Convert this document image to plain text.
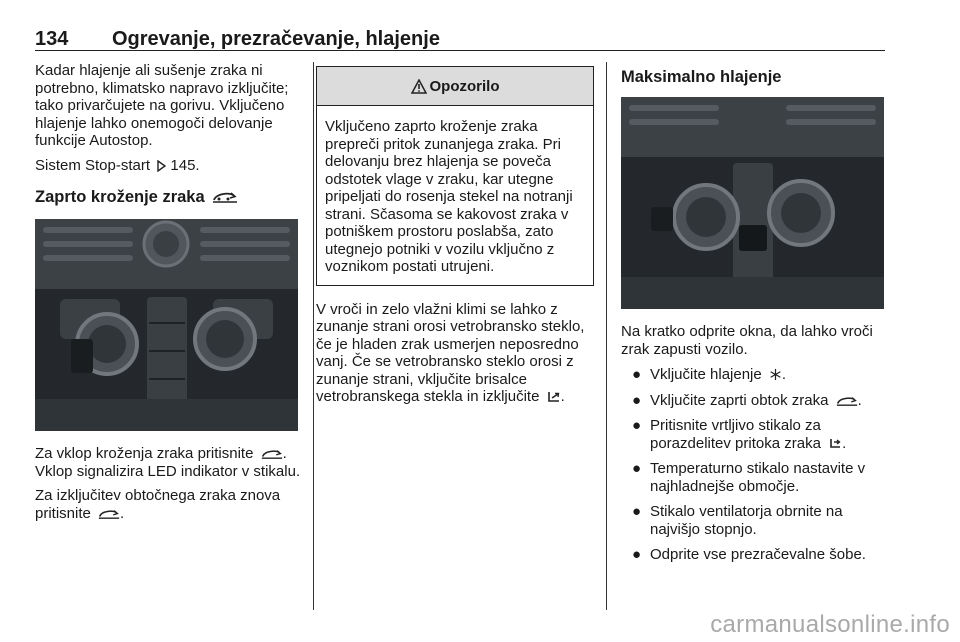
134 Ogrevanje, prezračevanje, hlajenje

Kadar hlajenje ali sušenje zraka ni potrebno, klimatsko napravo izključite; tako privarčujete na gorivu. Vključeno hlajenje lahko onemogoči delovanje funkcije Autostop.

Sistem Stop-start 145.

Zaprto kroženje zraka

Za vklop kroženja zraka pritisnite . Vklop signalizira LED indikator v stikalu.

Za izključitev obtočnega zraka znova pritisnite .

Opozorilo

Vključeno zaprto kroženje zraka prepreči pritok zunanjega zraka. Pri delovanju brez hlajenja se poveča odstotek vlage v zraku, kar utegne pripeljati do rosenja stekel na notranji strani. Sčasoma se kakovost zraka v potniškem prostoru poslabša, zato utegnejo potniki v vozilu vključno z voznikom postati utrujeni.

V vroči in zelo vlažni klimi se lahko z zunanje strani orosi vetrobransko steklo, če je hladen zrak usmerjen neposredno vanj. Če se vetrobransko steklo orosi z zunanje strani, vključite brisalce vetrobranskega stekla in izključite .

Maksimalno hlajenje

Na kratko odprite okna, da lahko vroči zrak zapusti vozilo.

● Vključite hlajenje .
● Vključite zaprti obtok zraka .
● Pritisnite vrtljivo stikalo za porazdelitev pritoka zraka .
● Temperaturno stikalo nastavite v najhladnejše območje.
● Stikalo ventilatorja obrnite na najvišjo stopnjo.
● Odprite vse prezračevalne šobe.
carmanualsonline.info
